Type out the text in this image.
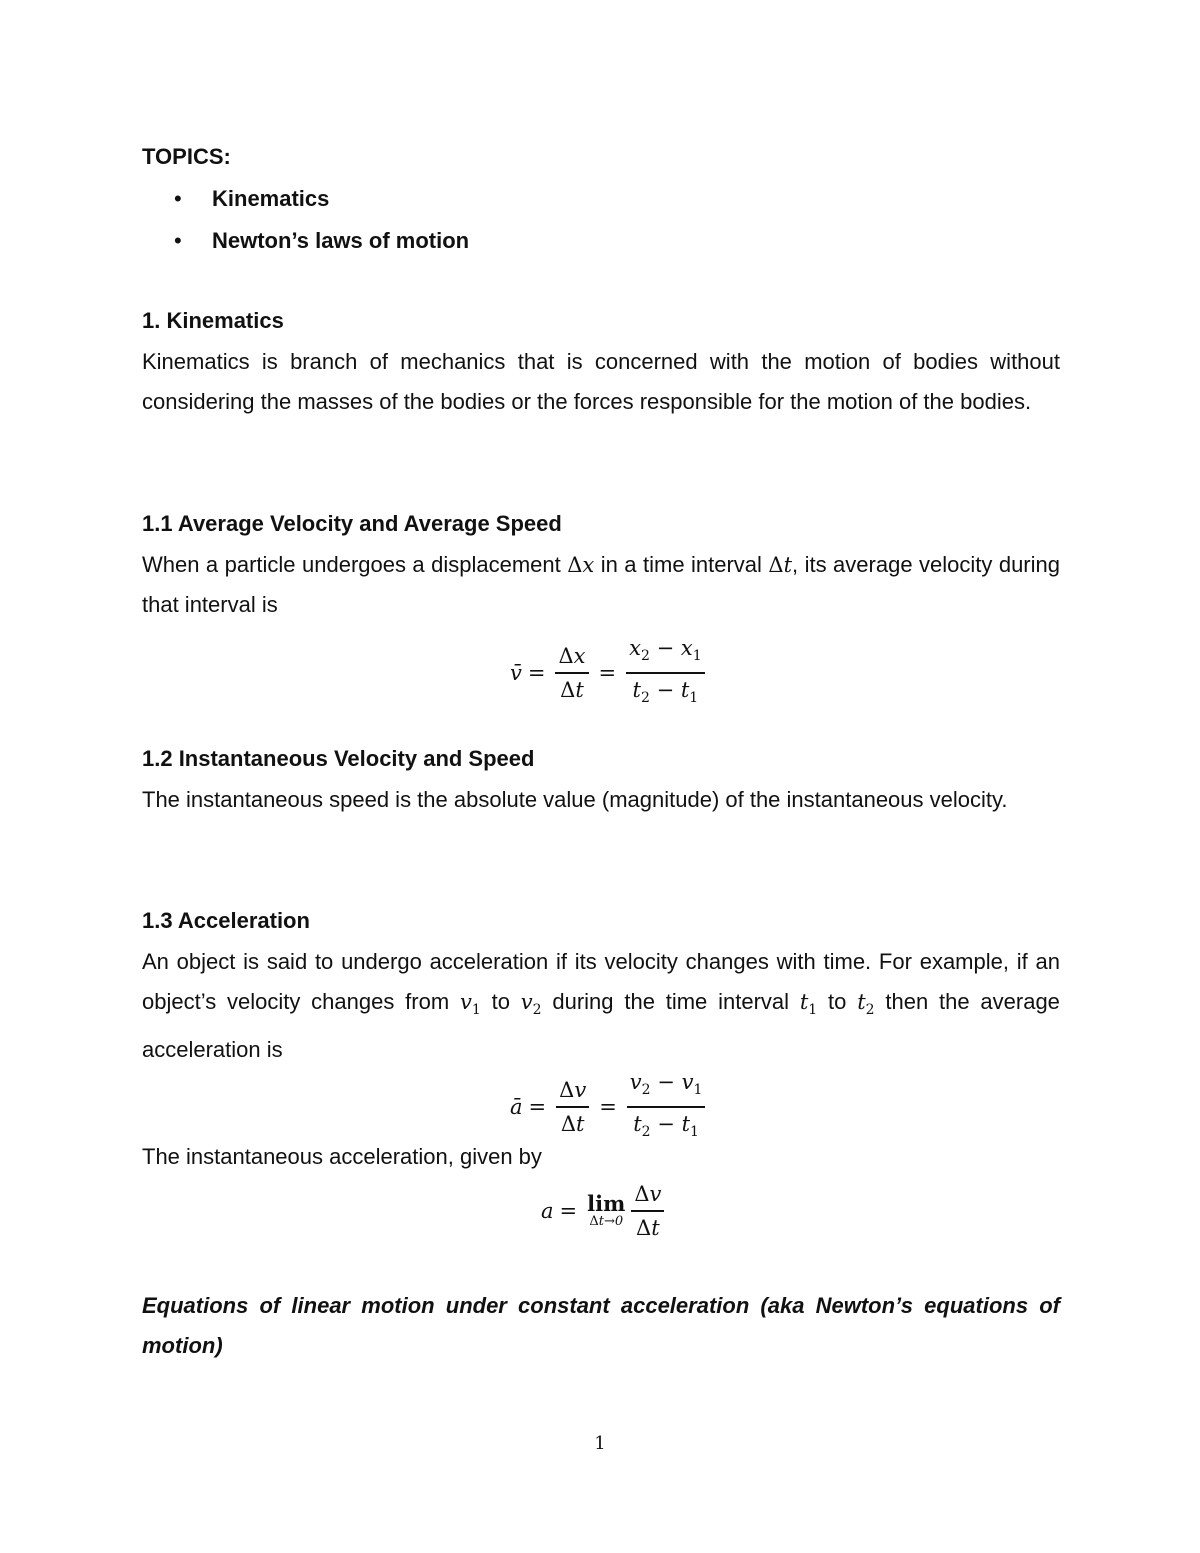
TOPICS:
• Kinematics
• Newton’s laws of motion
1. Kinematics

Kinematics is branch of mechanics that is concerned with the motion of bodies without considering the masses of the bodies or the forces responsible for the motion of the bodies.

1.1 Average Velocity and Average Speed

When a particle undergoes a displacement Δx in a time interval Δt, its average velocity during that interval is

v̄ = $\frac{\Delta x}{\Delta t} = \frac{x_2 - x_1}{t_2 - t_1}$
1.2 Instantaneous Velocity and Speed

The instantaneous speed is the absolute value (magnitude) of the instantaneous velocity.

1.3 Acceleration

An object is said to undergo acceleration if its velocity changes with time. For example, if an object’s velocity changes from $v_1$ to $v_2$ during the time interval $t_1$ to $t_2$ then the average acceleration is

ā = $\frac{\Delta v}{\Delta t} = \frac{v_2 - v_1}{t_2 - t_1}$
The instantaneous acceleration, given by
a = lim
$\Delta t\to 0 \frac{\Delta v}{\Delta t}$
Equations of linear motion under constant acceleration (aka Newton’s equations of motion)
1
